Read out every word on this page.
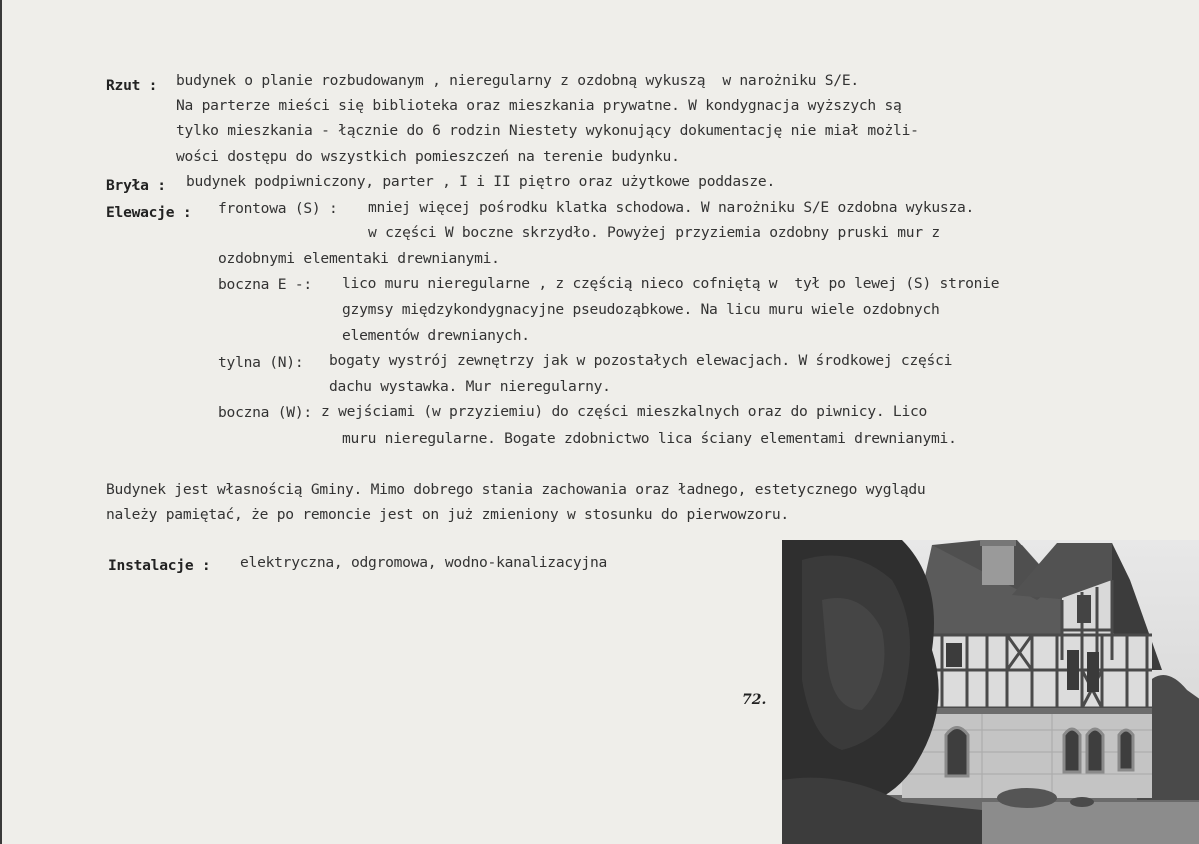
Rzut : budynek o planie rozbudowanym , nieregularny z ozdobną wykuszą  w narożniku S/E.
Na parterze mieści się biblioteka oraz mieszkania prywatne. W kondygnacja wyższych są
tylko mieszkania - łącznie do 6 rodzin Niestety wykonujący dokumentację nie miał możli-
wości dostępu do wszystkich pomieszczeń na terenie budynku.
Bryła : budynek podpiwniczony, parter , I i II piętro oraz użytkowe poddasze.
Elewacje : frontowa (S) : mniej więcej pośrodku klatka schodowa. W narożniku S/E ozdobna wykusza.
w części W boczne skrzydło. Powyżej przyziemia ozdobny pruski mur z
ozdobnymi elementaki drewnianymi.
boczna E -: lico muru nieregularne , z częścią nieco cofniętą w  tył po lewej (S) stronie
gzymsy międzykondygnacyjne pseudoząbkowe. Na licu muru wiele ozdobnych
elementów drewnianych.
tylna (N): bogaty wystrój zewnętrzy jak w pozostałych elewacjach. W środkowej części
dachu wystawka. Mur nieregularny.
boczna (W): z wejściami (w przyziemiu) do części mieszkalnych oraz do piwnicy. Lico
muru nieregularne. Bogate zdobnictwo lica ściany elementami drewnianymi.
Budynek jest własnością Gminy. Mimo dobrego stania zachowania oraz ładnego, estetycznego wyglądu
należy pamiętać, że po remoncie jest on już zmieniony w stosunku do pierwowzoru.
Instalacje : elektryczna, odgromowa, wodno-kanalizacyjna
72.
